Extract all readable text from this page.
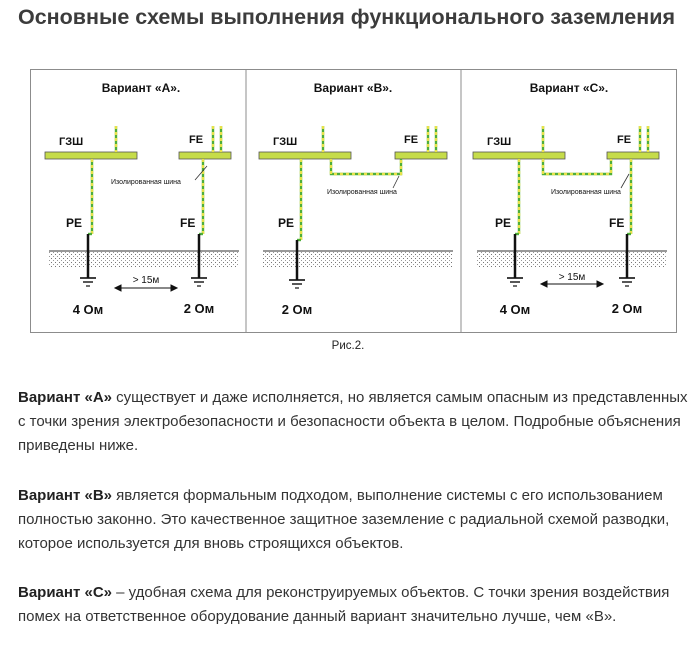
Основные схемы выполнения функционального заземления
Вариант «А».
ГЗШ	FE
Изолированная шина
PE	FE
> 15м
4 Ом	2 Ом
Вариант «В».
ГЗШ	FE
Изолированная шина
PE
2 Ом
Вариант «С».
ГЗШ	FE
Изолированная шина
PE	FE
> 15м
4 Ом	2 Ом
Рис.2.
Вариант «А» существует и даже исполняется, но является самым опасным из представленных с точки зрения электробезопасности и безопасности объекта в целом. Подробные объяснения приведены ниже.
Вариант «В» является формальным подходом, выполнение системы с его использованием полностью законно. Это качественное защитное заземление с радиальной схемой разводки, которое используется для вновь строящихся объектов.
Вариант «С» – удобная схема для реконструируемых объектов. С точки зрения воздействия помех на ответственное оборудование данный вариант значительно лучше, чем «В».
